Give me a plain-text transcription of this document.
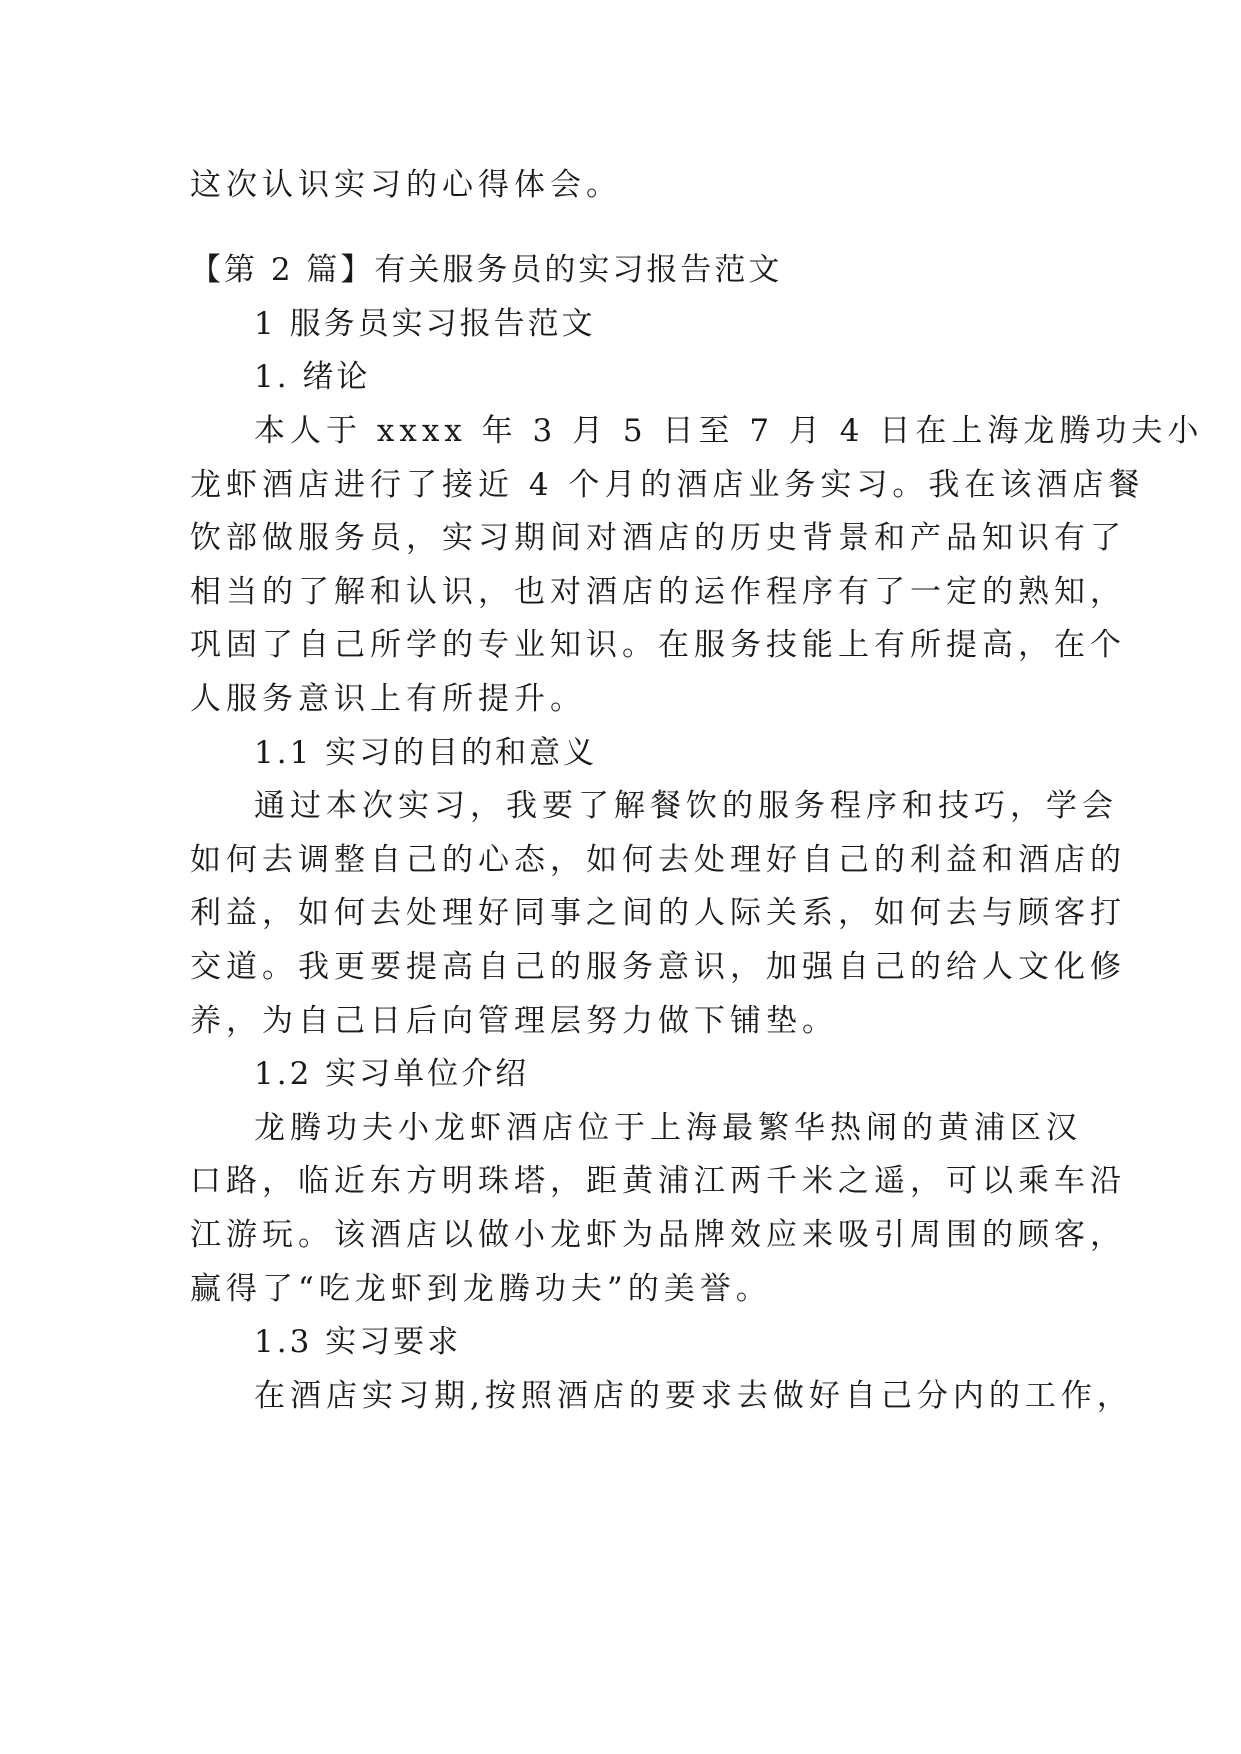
这次认识实习的心得体会。

【第 2 篇】有关服务员的实习报告范文

1 服务员实习报告范文

1. 绪论

本人于 xxxx 年 3 月 5 日至 7 月 4 日在上海龙腾功夫小

龙虾酒店进行了接近 4 个月的酒店业务实习。我在该酒店餐

饮部做服务员，实习期间对酒店的历史背景和产品知识有了

相当的了解和认识，也对酒店的运作程序有了一定的熟知，

巩固了自己所学的专业知识。在服务技能上有所提高，在个

人服务意识上有所提升。

1.1 实习的目的和意义

通过本次实习，我要了解餐饮的服务程序和技巧，学会

如何去调整自己的心态，如何去处理好自己的利益和酒店的

利益，如何去处理好同事之间的人际关系，如何去与顾客打

交道。我更要提高自己的服务意识，加强自己的给人文化修

养，为自己日后向管理层努力做下铺垫。

1.2 实习单位介绍

龙腾功夫小龙虾酒店位于上海最繁华热闹的黄浦区汉

口路，临近东方明珠塔，距黄浦江两千米之遥，可以乘车沿

江游玩。该酒店以做小龙虾为品牌效应来吸引周围的顾客，

赢得了“吃龙虾到龙腾功夫”的美誉。

1.3 实习要求

在酒店实习期,按照酒店的要求去做好自己分内的工作，
